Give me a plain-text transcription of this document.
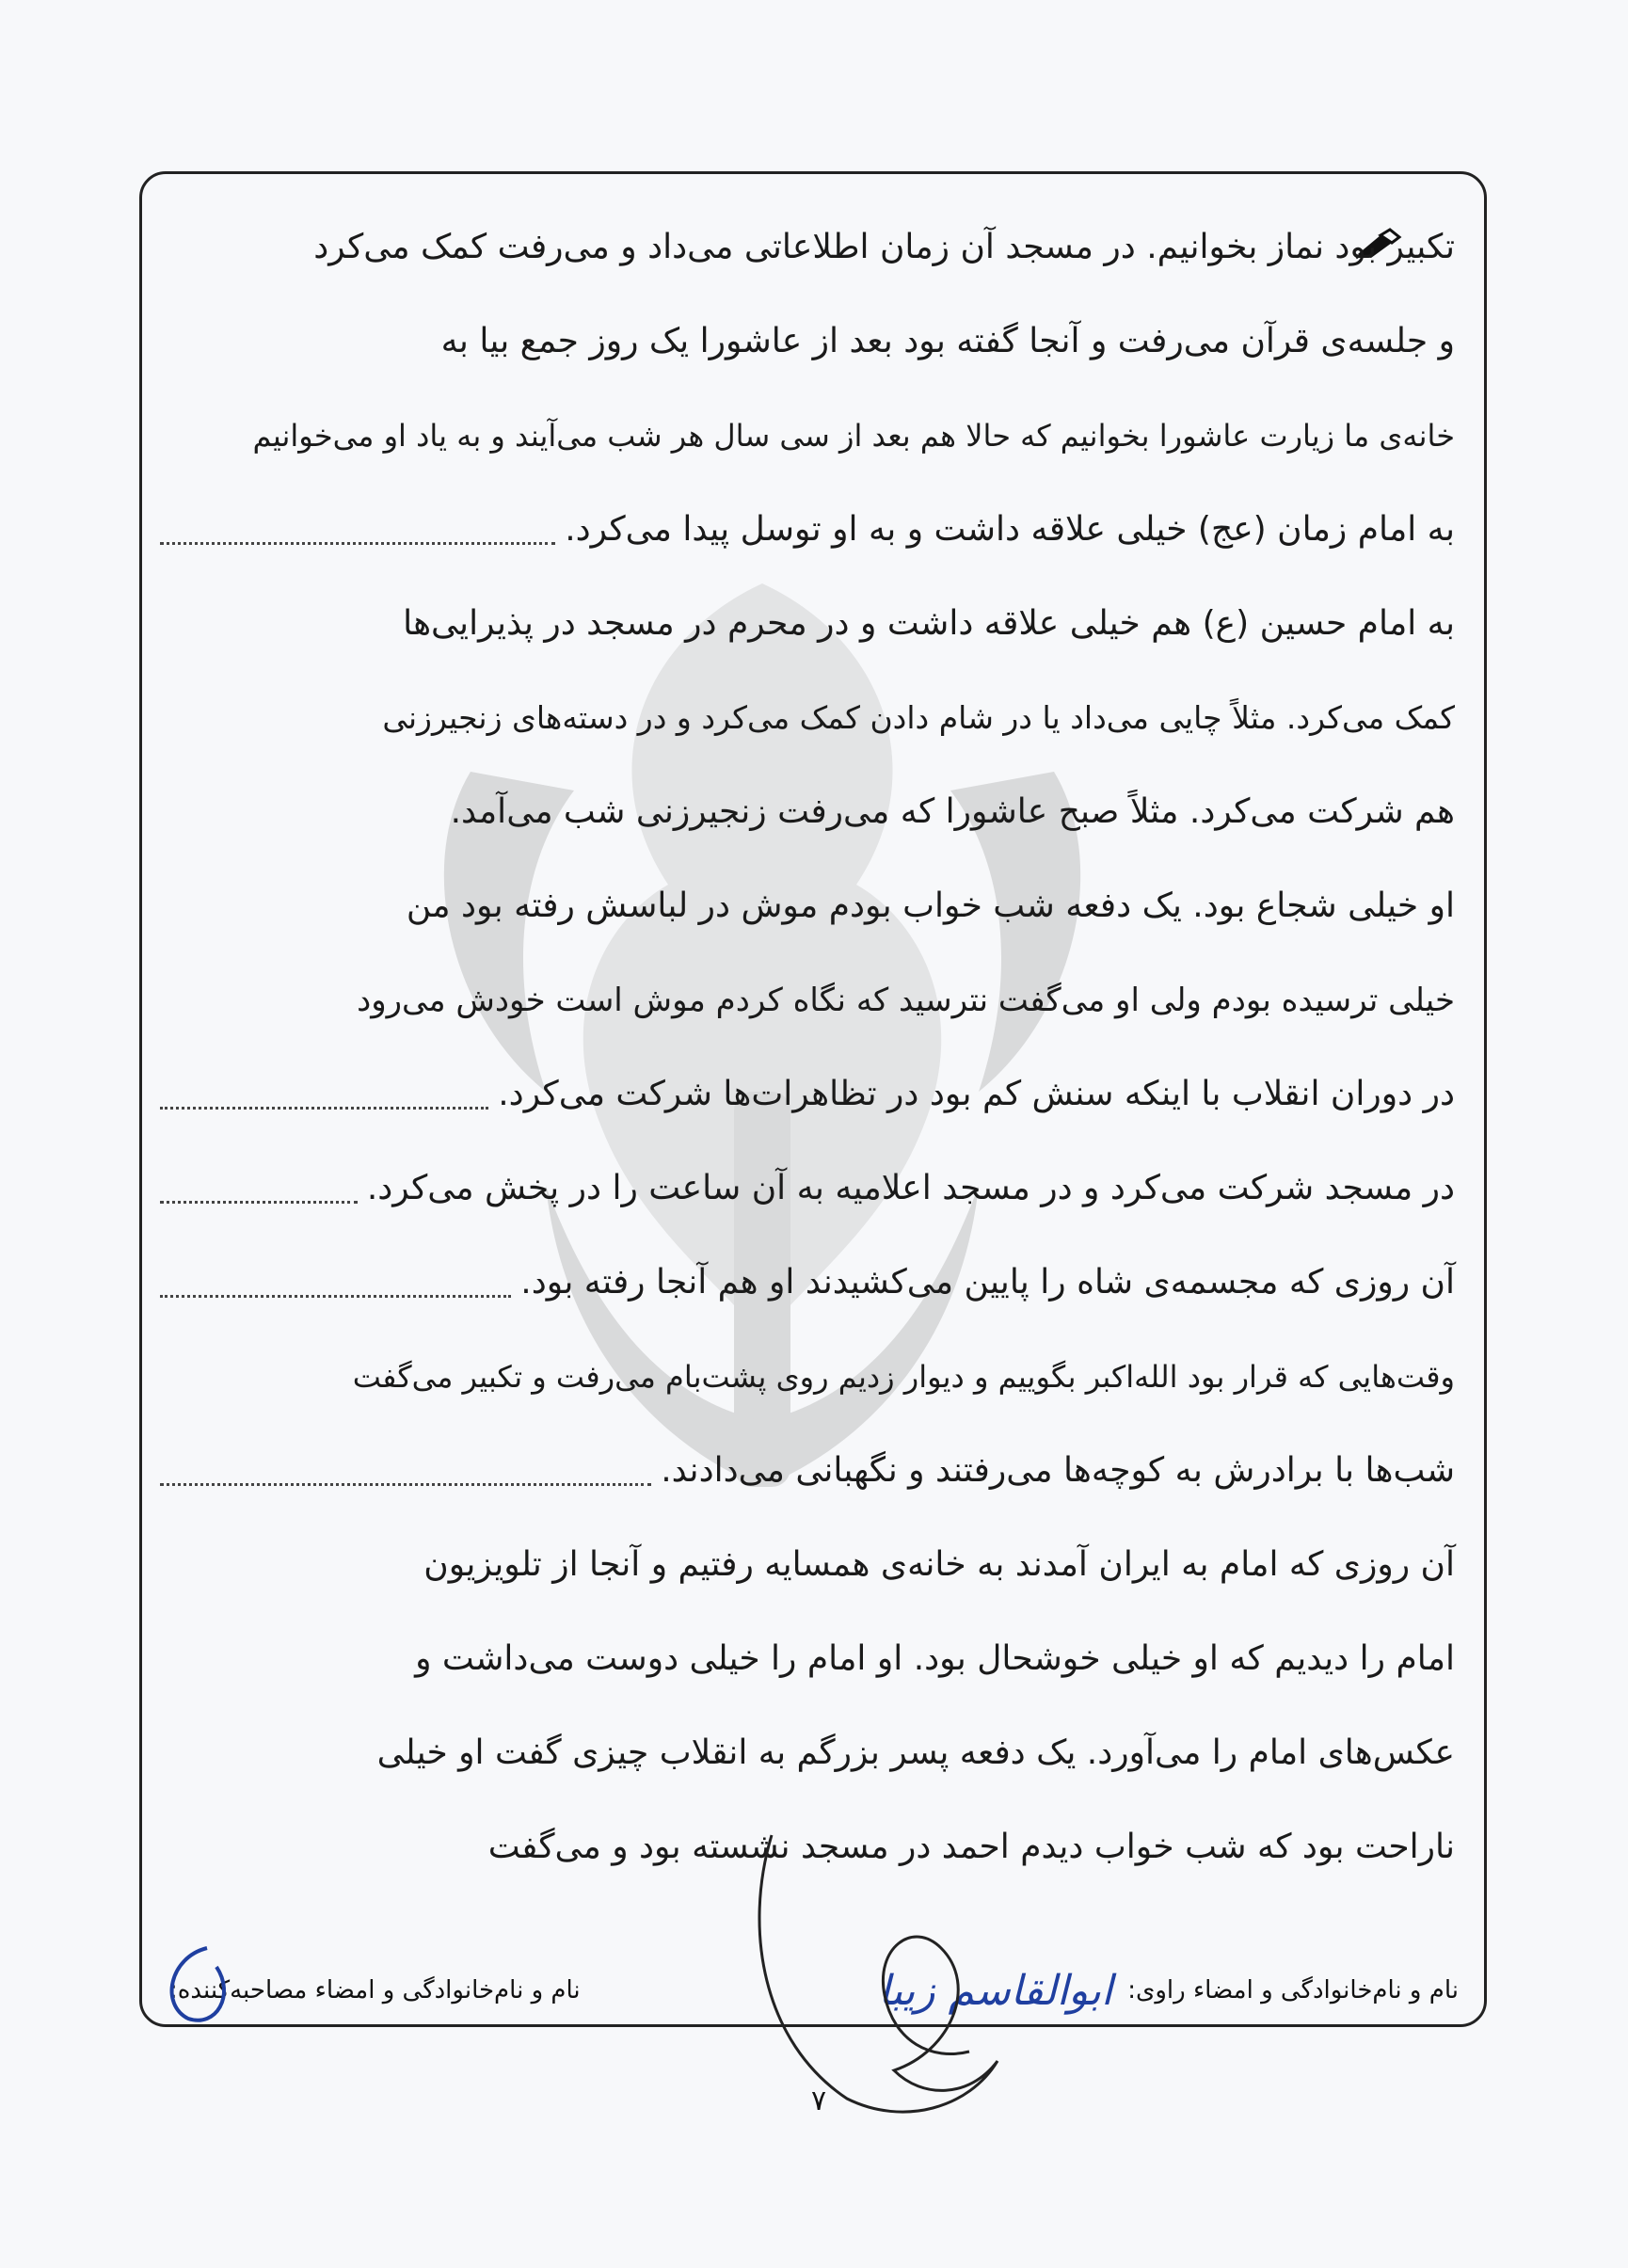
تکبیر بود نماز بخوانیم. در مسجد آن زمان اطلاعاتی می‌داد و می‌رفت کمک می‌کرد
و جلسه‌ی قرآن می‌رفت و آنجا گفته بود بعد از عاشورا یک روز جمع بیا به
خانه‌ی ما زیارت عاشورا بخوانیم که حالا هم بعد از سی سال هر شب می‌آیند و به یاد او می‌خوانیم
به امام زمان (عج) خیلی علاقه داشت و به او توسل پیدا می‌کرد.
به امام حسین (ع) هم خیلی علاقه داشت و در محرم در مسجد در پذیرایی‌ها
کمک می‌کرد. مثلاً چایی می‌داد یا در شام دادن کمک می‌کرد و در دسته‌های زنجیرزنی
هم شرکت می‌کرد. مثلاً صبح عاشورا که می‌رفت زنجیرزنی شب می‌آمد.
او خیلی شجاع بود. یک دفعه شب خواب بودم موش در لباسش رفته بود من
خیلی ترسیده بودم ولی او می‌گفت نترسید که نگاه کردم موش است خودش می‌رود
در دوران انقلاب با اینکه سنش کم بود در تظاهرات‌ها شرکت می‌کرد.
در مسجد شرکت می‌کرد و در مسجد اعلامیه به آن ساعت را در پخش می‌کرد.
آن روزی که مجسمه‌ی شاه را پایین می‌کشیدند او هم آنجا رفته بود.
وقت‌هایی که قرار بود الله‌اکبر بگوییم و دیوار زدیم روی پشت‌بام می‌رفت و تکبیر می‌گفت
شب‌ها با برادرش به کوچه‌ها می‌رفتند و نگهبانی می‌دادند.
آن روزی که امام به ایران آمدند به خانه‌ی همسایه رفتیم و آنجا از تلویزیون
امام را دیدیم که او خیلی خوشحال بود. او امام را خیلی دوست می‌داشت و
عکس‌های امام را می‌آورد. یک دفعه پسر بزرگم به انقلاب چیزی گفت او خیلی
ناراحت بود که شب خواب دیدم احمد در مسجد نشسته بود و می‌گفت
نام و نام‌خانوادگی و امضاء راوی:
ابوالقاسم زیبا
نام و نام‌خانوادگی و امضاء مصاحبه‌کننده:
۷
